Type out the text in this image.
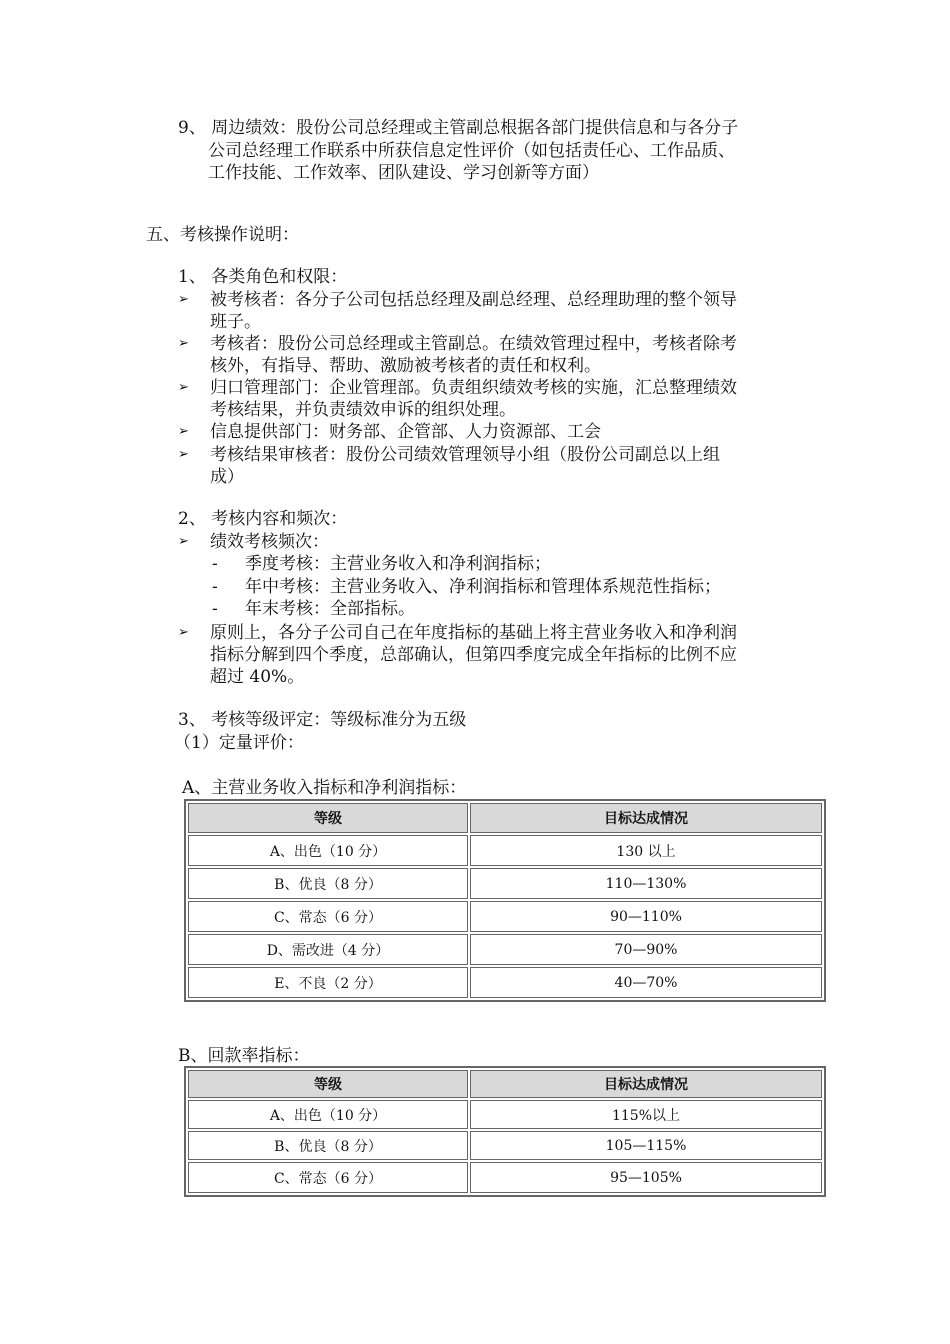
9、 周边绩效：股份公司总经理或主管副总根据各部门提供信息和与各分子
公司总经理工作联系中所获信息定性评价（如包括责任心、工作品质、
工作技能、工作效率、团队建设、学习创新等方面）
五、考核操作说明：
1、 各类角色和权限：
➢ 被考核者：各分子公司包括总经理及副总经理、总经理助理的整个领导
班子。
➢ 考核者：股份公司总经理或主管副总。在绩效管理过程中，考核者除考
核外，有指导、帮助、激励被考核者的责任和权利。
➢ 归口管理部门：企业管理部。负责组织绩效考核的实施，汇总整理绩效
考核结果，并负责绩效申诉的组织处理。
➢ 信息提供部门：财务部、企管部、人力资源部、工会
➢ 考核结果审核者：股份公司绩效管理领导小组（股份公司副总以上组
成）
2、 考核内容和频次：
➢ 绩效考核频次：
- 季度考核：主营业务收入和净利润指标；
- 年中考核：主营业务收入、净利润指标和管理体系规范性指标；
- 年末考核：全部指标。
➢ 原则上，各分子公司自己在年度指标的基础上将主营业务收入和净利润
指标分解到四个季度，总部确认，但第四季度完成全年指标的比例不应
超过 40%。
3、 考核等级评定：等级标准分为五级
（1）定量评价：
A、主营业务收入指标和净利润指标：
等级	目标达成情况
A、出色（10 分）	130 以上
B、优良（8 分）	110—130%
C、常态（6 分）	90—110%
D、需改进（4 分）	70—90%
E、不良（2 分）	40—70%
B、回款率指标：
等级	目标达成情况
A、出色（10 分）	115%以上
B、优良（8 分）	105—115%
C、常态（6 分）	95—105%
